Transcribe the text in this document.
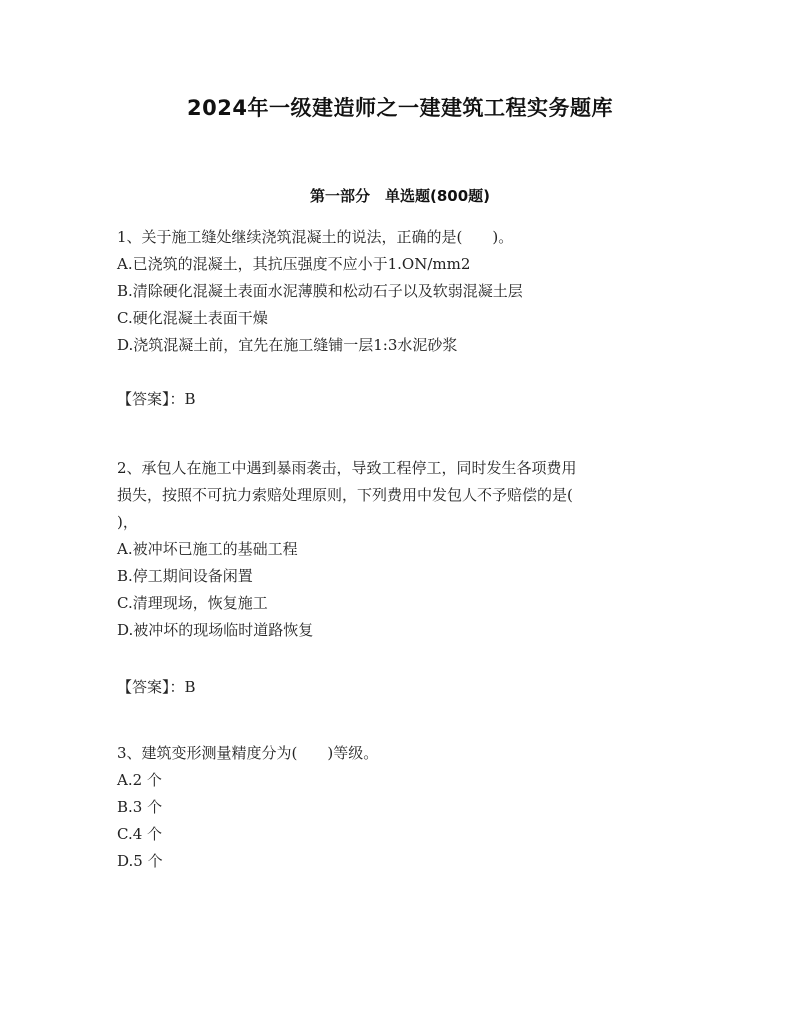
2024年一级建造师之一建建筑工程实务题库
第一部分　单选题(800题)
1、关于施工缝处继续浇筑混凝土的说法，正确的是(　　)。
A.已浇筑的混凝土，其抗压强度不应小于1.ON/mm2
B.清除硬化混凝土表面水泥薄膜和松动石子以及软弱混凝土层
C.硬化混凝土表面干燥
D.浇筑混凝土前，宜先在施工缝铺一层1:3水泥砂浆
【答案】：B
2、承包人在施工中遇到暴雨袭击，导致工程停工，同时发生各项费用
损失，按照不可抗力索赔处理原则，下列费用中发包人不予赔偿的是(
)，
A.被冲坏已施工的基础工程
B.停工期间设备闲置
C.清理现场，恢复施工
D.被冲坏的现场临时道路恢复
【答案】：B
3、建筑变形测量精度分为(　　)等级。
A.2 个
B.3 个
C.4 个
D.5 个
